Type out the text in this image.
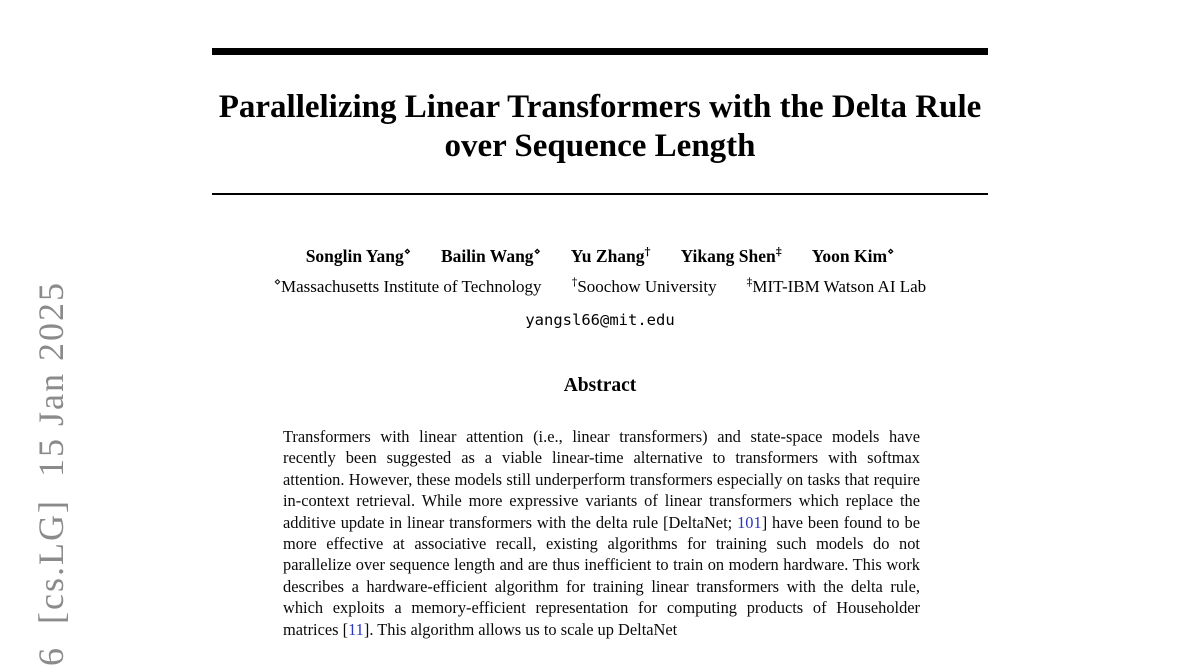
6  [cs.LG]  15 Jan 2025
Parallelizing Linear Transformers with the Delta Rule
over Sequence Length
Songlin Yang⋄ Bailin Wang⋄ Yu Zhang† Yikang Shen‡ Yoon Kim⋄
⋄Massachusetts Institute of Technology	†Soochow University	‡MIT-IBM Watson AI Lab
yangsl66@mit.edu
Abstract

Transformers with linear attention (i.e., linear transformers) and state-space models have recently been suggested as a viable linear-time alternative to transformers with softmax attention. However, these models still underperform transformers especially on tasks that require in-context retrieval. While more expressive variants of linear transformers which replace the additive update in linear transformers with the delta rule [DeltaNet; 101] have been found to be more effective at associative recall, existing algorithms for training such models do not parallelize over sequence length and are thus inefficient to train on modern hardware. This work describes a hardware-efficient algorithm for training linear transformers with the delta rule, which exploits a memory-efficient representation for computing products of Householder matrices [11]. This algorithm allows us to scale up DeltaNet
